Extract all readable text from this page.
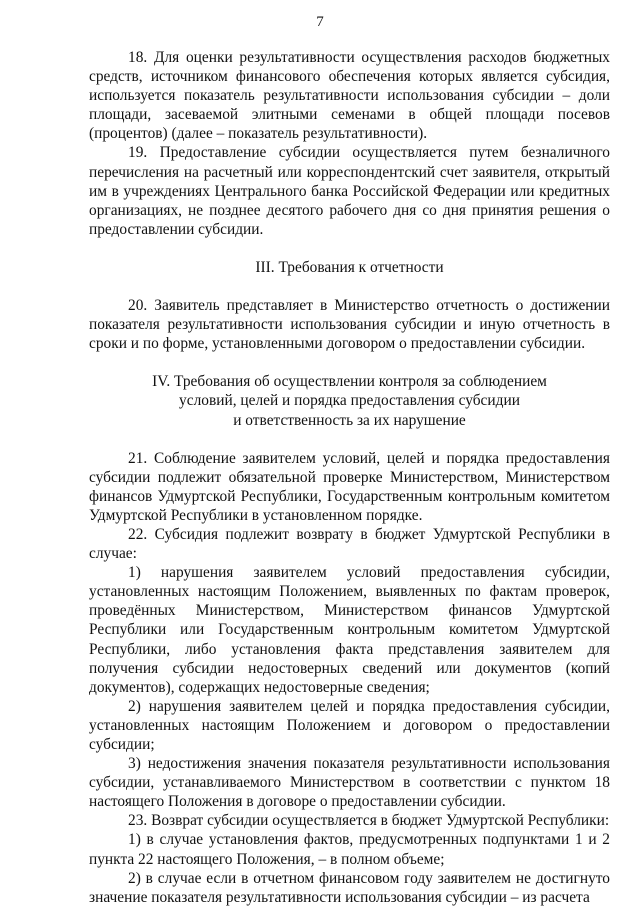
7

18. Для оценки результативности осуществления расходов бюджетных средств, источником финансового обеспечения которых является субсидия, используется показатель результативности использования субсидии – доли площади, засеваемой элитными семенами в общей площади посевов (процентов) (далее – показатель результативности).

19. Предоставление субсидии осуществляется путем безналичного перечисления на расчетный или корреспондентский счет заявителя, открытый им в учреждениях Центрального банка Российской Федерации или кредитных организациях, не позднее десятого рабочего дня со дня принятия решения о предоставлении субсидии.

III. Требования к отчетности

20. Заявитель представляет в Министерство отчетность о достижении показателя результативности использования субсидии и иную отчетность в сроки и по форме, установленными договором о предоставлении субсидии.

IV. Требования об осуществлении контроля за соблюдением

условий, целей и порядка предоставления субсидии

и ответственность за их нарушение

21. Соблюдение заявителем условий, целей и порядка предоставления субсидии подлежит обязательной проверке Министерством, Министерством финансов Удмуртской Республики, Государственным контрольным комитетом Удмуртской Республики в установленном порядке.

22. Субсидия подлежит возврату в бюджет Удмуртской Республики в случае:

1) нарушения заявителем условий предоставления субсидии, установленных настоящим Положением, выявленных по фактам проверок, проведённых Министерством, Министерством финансов Удмуртской Республики или Государственным контрольным комитетом Удмуртской Республики, либо установления факта представления заявителем для получения субсидии недостоверных сведений или документов (копий документов), содержащих недостоверные сведения;

2) нарушения заявителем целей и порядка предоставления субсидии, установленных настоящим Положением и договором о предоставлении субсидии;

3) недостижения значения показателя результативности использования субсидии, устанавливаемого Министерством в соответствии с пунктом 18 настоящего Положения в договоре о предоставлении субсидии.

23. Возврат субсидии осуществляется в бюджет Удмуртской Республики:

1) в случае установления фактов, предусмотренных подпунктами 1 и 2 пункта 22 настоящего Положения, – в полном объеме;

2) в случае если в отчетном финансовом году заявителем не достигнуто значение показателя результативности использования субсидии – из расчета
